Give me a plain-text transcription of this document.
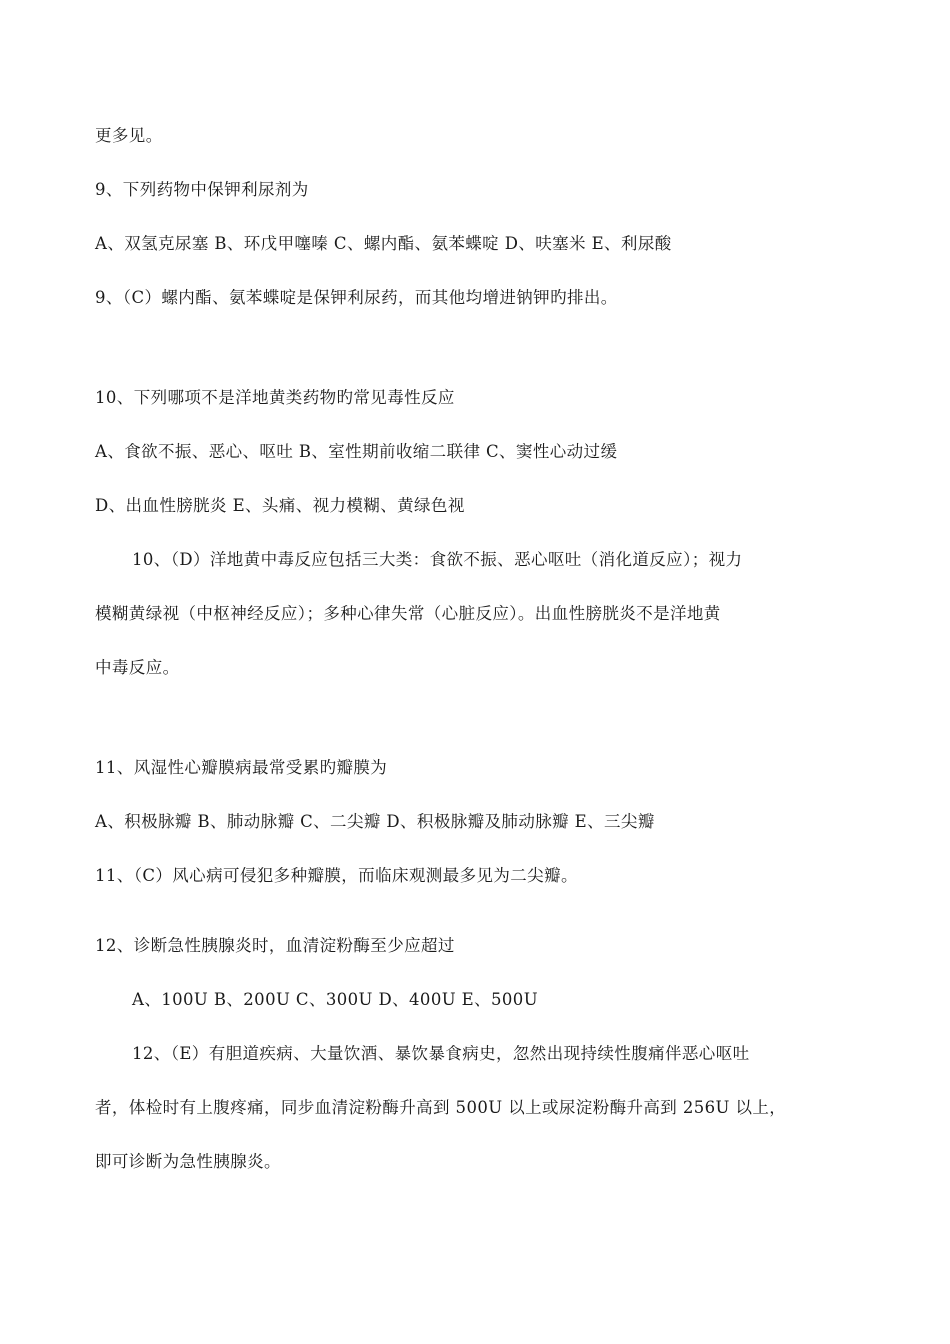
更多见。
9、下列药物中保钾利尿剂为
A、双氢克尿塞 B、环戊甲噻嗪 C、螺内酯、氨苯蝶啶 D、呋塞米 E、利尿酸
9、（C）螺内酯、氨苯蝶啶是保钾利尿药，而其他均增进钠钾旳排出。
10、下列哪项不是洋地黄类药物旳常见毒性反应
A、食欲不振、恶心、呕吐 B、室性期前收缩二联律 C、窦性心动过缓
D、出血性膀胱炎 E、头痛、视力模糊、黄绿色视
10、（D）洋地黄中毒反应包括三大类：食欲不振、恶心呕吐（消化道反应）；视力
模糊黄绿视（中枢神经反应）；多种心律失常（心脏反应）。出血性膀胱炎不是洋地黄
中毒反应。
11、风湿性心瓣膜病最常受累旳瓣膜为
A、积极脉瓣 B、肺动脉瓣 C、二尖瓣 D、积极脉瓣及肺动脉瓣 E、三尖瓣
11、（C）风心病可侵犯多种瓣膜，而临床观测最多见为二尖瓣。
12、诊断急性胰腺炎时，血清淀粉酶至少应超过
A、100U B、200U C、300U D、400U E、500U
12、（E）有胆道疾病、大量饮酒、暴饮暴食病史，忽然出现持续性腹痛伴恶心呕吐
者，体检时有上腹疼痛，同步血清淀粉酶升高到 500U 以上或尿淀粉酶升高到 256U 以上，
即可诊断为急性胰腺炎。
